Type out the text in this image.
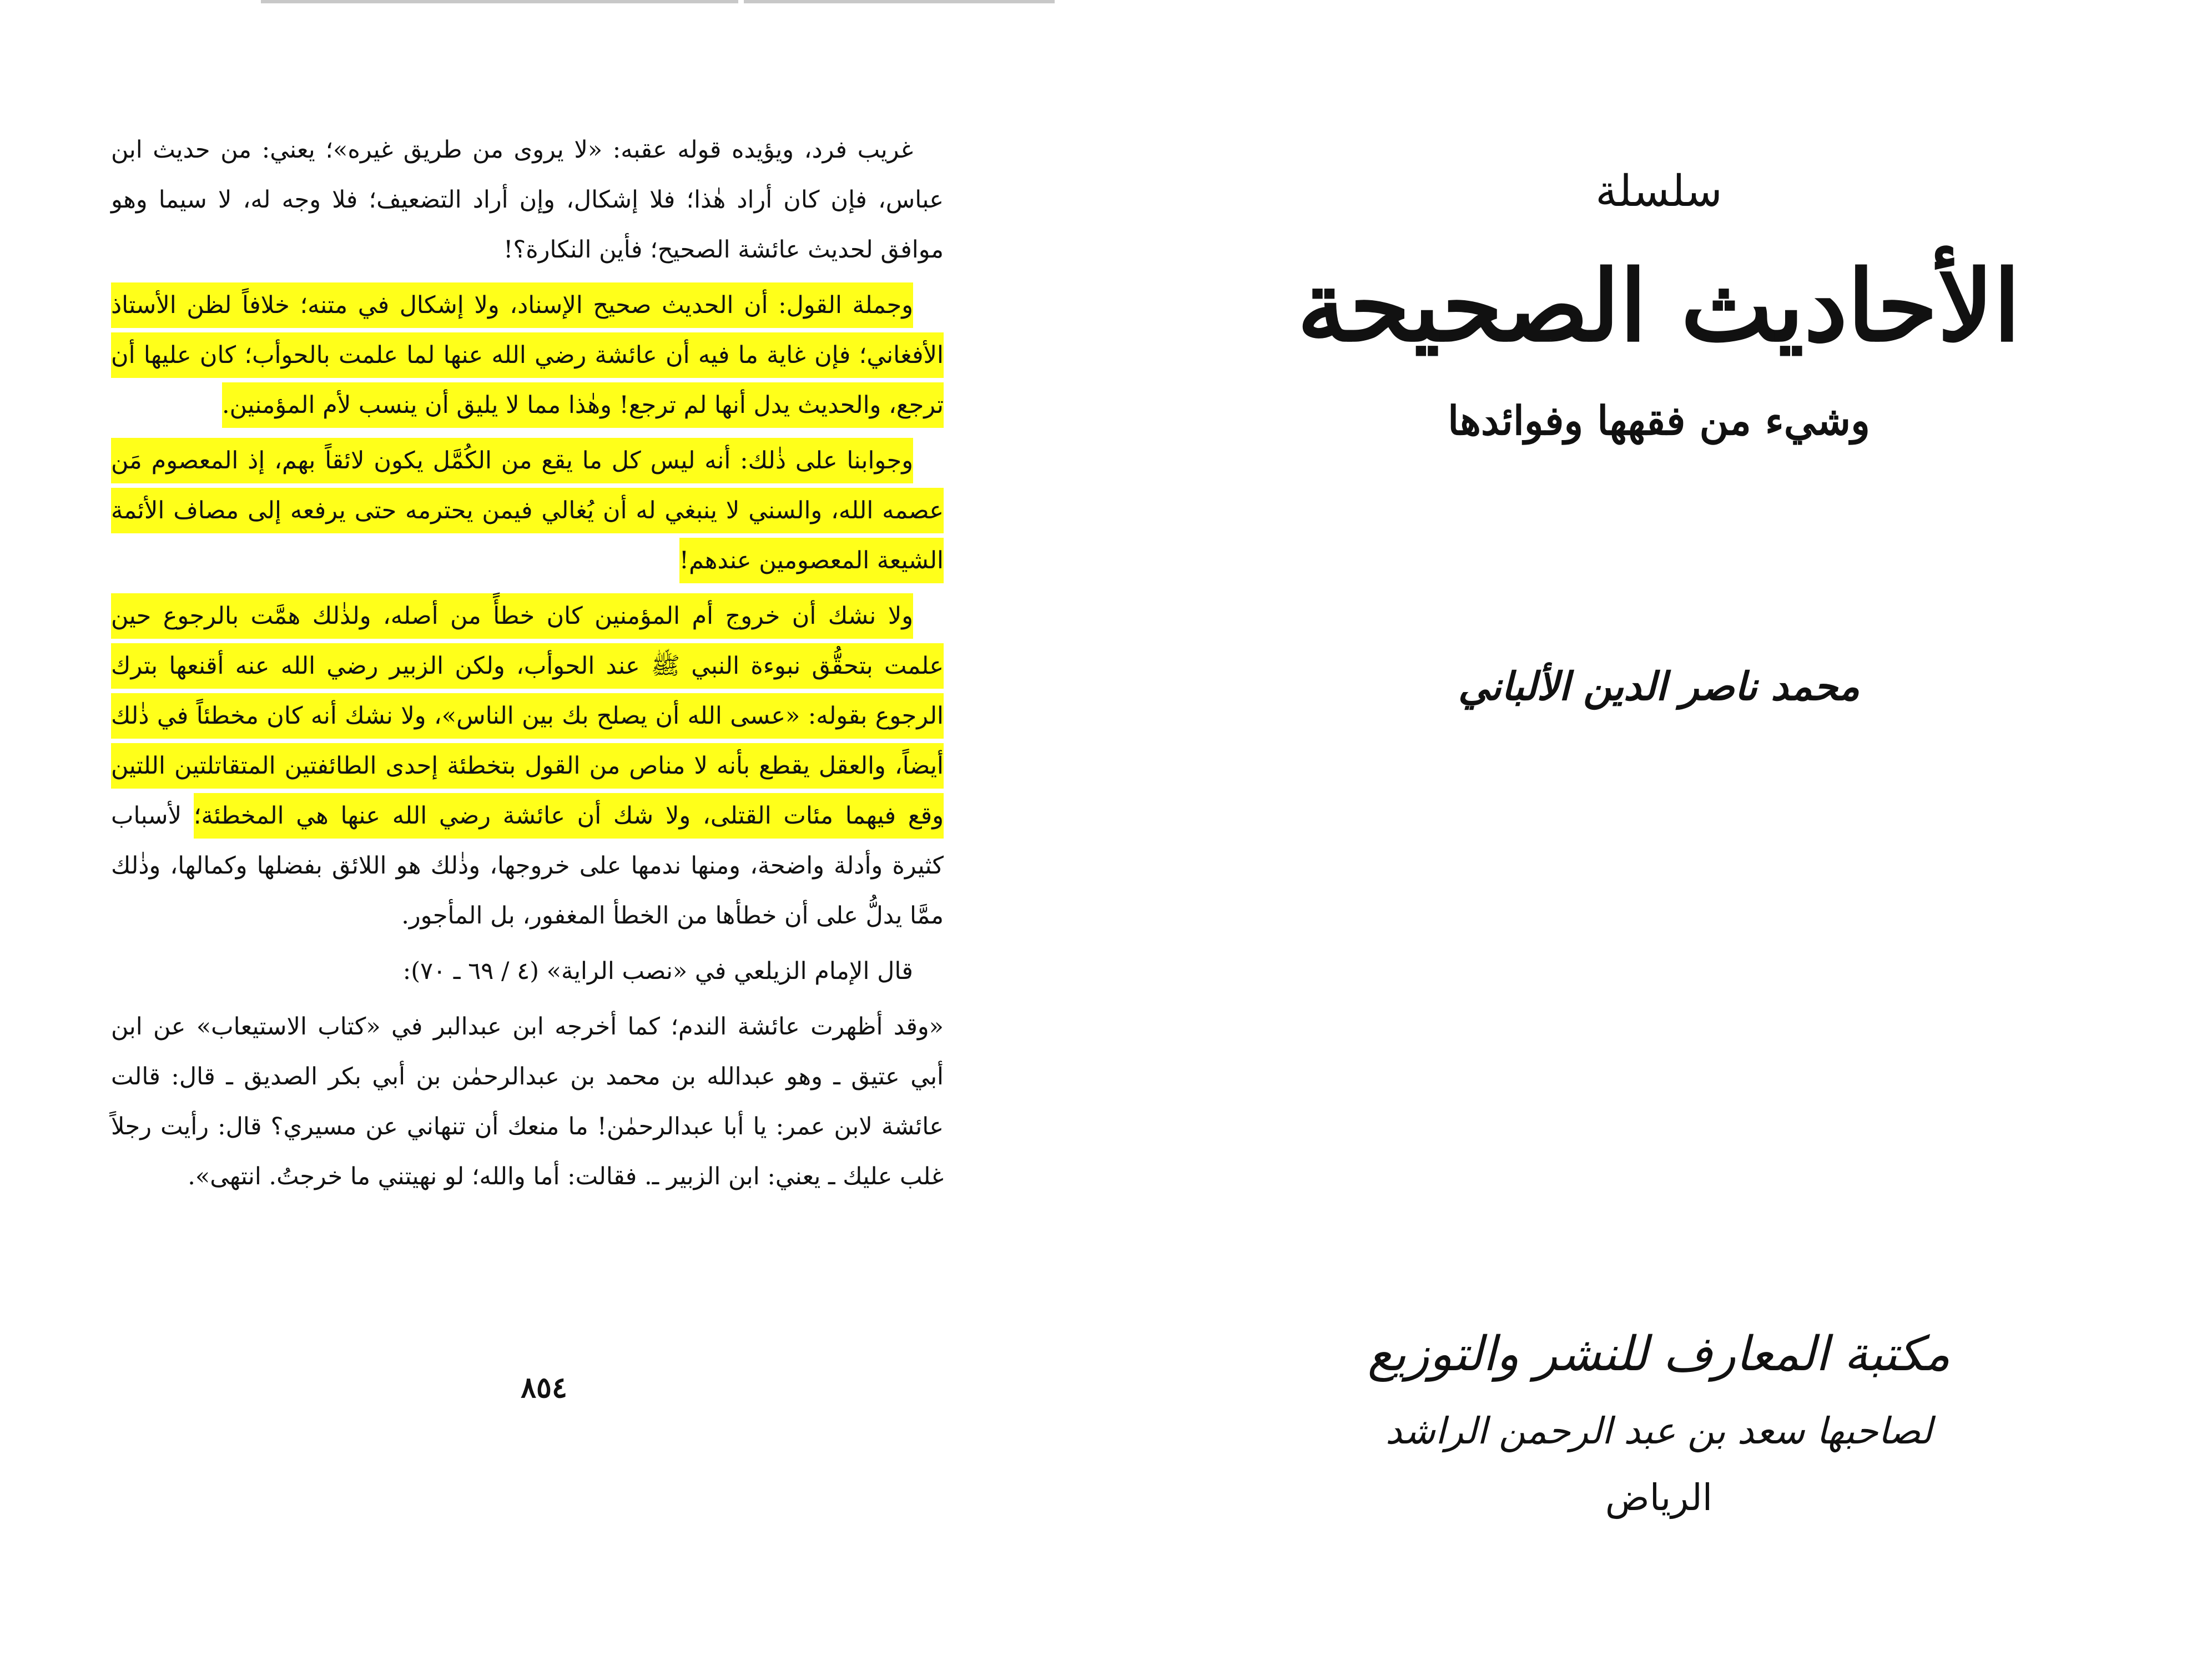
غريب فرد، ويؤيده قوله عقبه: «لا يروى من طريق غيره»؛ يعني: من حديث ابن عباس، فإن كان أراد هٰذا؛ فلا إشكال، وإن أراد التضعيف؛ فلا وجه له، لا سيما وهو موافق لحديث عائشة الصحيح؛ فأين النكارة؟!

وجملة القول: أن الحديث صحيح الإسناد، ولا إشكال في متنه؛ خلافاً لظن الأستاذ الأفغاني؛ فإن غاية ما فيه أن عائشة رضي الله عنها لما علمت بالحوأب؛ كان عليها أن ترجع، والحديث يدل أنها لم ترجع! وهٰذا مما لا يليق أن ينسب لأم المؤمنين.

وجوابنا على ذٰلك: أنه ليس كل ما يقع من الكُمَّل يكون لائقاً بهم، إذ المعصوم مَن عصمه الله، والسني لا ينبغي له أن يُغالي فيمن يحترمه حتى يرفعه إلى مصاف الأئمة الشيعة المعصومين عندهم!

ولا نشك أن خروج أم المؤمنين كان خطأً من أصله، ولذٰلك همَّت بالرجوع حين علمت بتحقُّق نبوءة النبي ﷺ عند الحوأب، ولكن الزبير رضي الله عنه أقنعها بترك الرجوع بقوله: «عسى الله أن يصلح بك بين الناس»، ولا نشك أنه كان مخطئاً في ذٰلك أيضاً، والعقل يقطع بأنه لا مناص من القول بتخطئة إحدى الطائفتين المتقاتلتين اللتين وقع فيهما مئات القتلى، ولا شك أن عائشة رضي الله عنها هي المخطئة؛ لأسباب كثيرة وأدلة واضحة، ومنها ندمها على خروجها، وذٰلك هو اللائق بفضلها وكمالها، وذٰلك ممَّا يدلُّ على أن خطأها من الخطأ المغفور، بل المأجور.

قال الإمام الزيلعي في «نصب الراية» (٤ / ٦٩ ـ ٧٠):

«وقد أظهرت عائشة الندم؛ كما أخرجه ابن عبدالبر في «كتاب الاستيعاب» عن ابن أبي عتيق ـ وهو عبدالله بن محمد بن عبدالرحمٰن بن أبي بكر الصديق ـ قال: قالت عائشة لابن عمر: يا أبا عبدالرحمٰن! ما منعك أن تنهاني عن مسيري؟ قال: رأيت رجلاً غلب عليك ـ يعني: ابن الزبير ـ. فقالت: أما والله؛ لو نهيتني ما خرجتُ. انتهى».

٨٥٤
سلسلة
الأحاديث الصحيحة
وشيء من فقهها وفوائدها
محمد ناصر الدين الألباني
مكتبة المعارف للنشر والتوزيع
لصاحبها سعد بن عبد الرحمن الراشد
الرياض
